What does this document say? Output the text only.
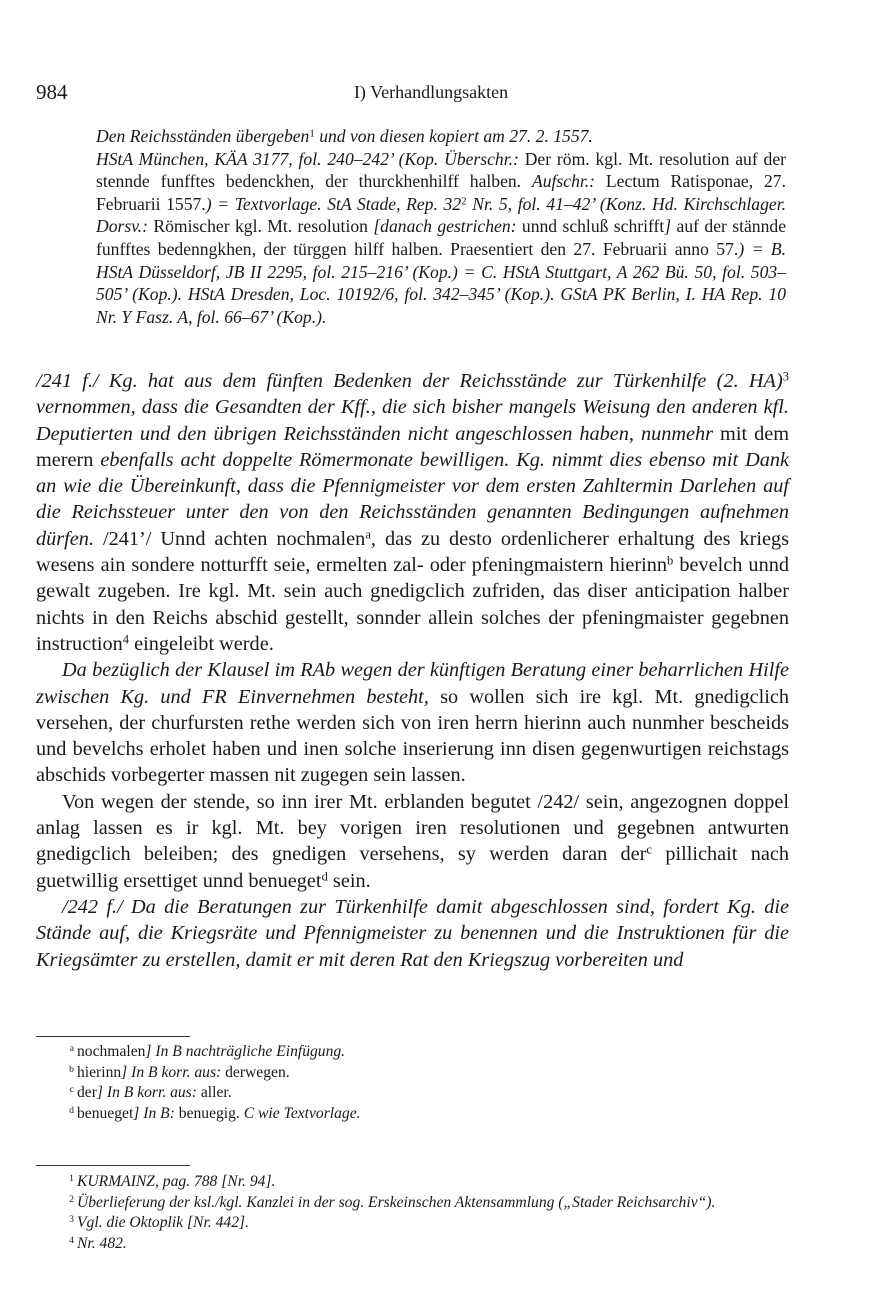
984	I) Verhandlungsakten

Den Reichsständen übergeben$^1$ und von diesen kopiert am 27. 2. 1557.

HStA München, KÄA 3177, fol. 240–242’ (Kop. Überschr.: Der röm. kgl. Mt. resolution auf der stennde funfftes bedenckhen, der thurckhenhilff halben. Aufschr.: Lectum Ratisponae, 27. Februarii 1557.) = Textvorlage. StA Stade, Rep. $32^2$ Nr. 5, fol. 41–42’ (Konz. Hd. Kirchschlager. Dorsv.: Römischer kgl. Mt. resolution [danach gestrichen: unnd schluß schrifft] auf der stännde funfftes bedenngkhen, der türggen hilff halben. Praesentiert den 27. Februarii anno 57.) = B. HStA Düsseldorf, JB II 2295, fol. 215–216’ (Kop.) = C. HStA Stuttgart, A 262 Bü. 50, fol. 503–505’ (Kop.). HStA Dresden, Loc. 10192/6, fol. 342–345’ (Kop.). GStA PK Berlin, I. HA Rep. 10 Nr. Y Fasz. A, fol. 66–67’ (Kop.).

/241 f./ Kg. hat aus dem fünften Bedenken der Reichsstände zur Türkenhilfe (2. HA)$^3$ vernommen, dass die Gesandten der Kff., die sich bisher mangels Weisung den anderen kfl. Deputierten und den übrigen Reichsständen nicht angeschlossen haben, nunmehr mit dem merern ebenfalls acht doppelte Römermonate bewilligen. Kg. nimmt dies ebenso mit Dank an wie die Übereinkunft, dass die Pfennigmeister vor dem ersten Zahltermin Darlehen auf die Reichssteuer unter den von den Reichsständen genannten Bedingungen aufnehmen dürfen. /241’/ Unnd achten nochmalen$^a$, das zu desto ordenlicherer erhaltung des kriegs wesens ain sondere notturfft seie, ermelten zal- oder pfeningmaistern hierinn$^b$ bevelch unnd gewalt zugeben. Ire kgl. Mt. sein auch gnedigclich zufriden, das diser anticipation halber nichts in den Reichs abschid gestellt, sonnder allein solches der pfeningmaister gegebnen instruction$^4$ eingeleibt werde.

Da bezüglich der Klausel im RAb wegen der künftigen Beratung einer beharrlichen Hilfe zwischen Kg. und FR Einvernehmen besteht, so wollen sich ire kgl. Mt. gnedigclich versehen, der churfursten rethe werden sich von iren herrn hierinn auch nunmher bescheids und bevelchs erholet haben und inen solche inserierung inn disen gegenwurtigen reichstags abschids vorbegerter massen nit zugegen sein lassen.

Von wegen der stende, so inn irer Mt. erblanden begutet /242/ sein, angezognen doppel anlag lassen es ir kgl. Mt. bey vorigen iren resolutionen und gegebnen antwurten gnedigclich beleiben; des gnedigen versehens, sy werden daran der$^c$ pillichait nach guetwillig ersettiget unnd benueget$^d$ sein.

/242 f./ Da die Beratungen zur Türkenhilfe damit abgeschlossen sind, fordert Kg. die Stände auf, die Kriegsräte und Pfennigmeister zu benennen und die Instruktionen für die Kriegsämter zu erstellen, damit er mit deren Rat den Kriegszug vorbereiten und

$^a$ nochmalen] In B nachträgliche Einfügung.

$^b$ hierinn] In B korr. aus: derwegen.

$^c$ der] In B korr. aus: aller.

$^d$ benueget] In B: benuegig. C wie Textvorlage.

$^1$ KURMAINZ, pag. 788 [Nr. 94].

$^2$ Überlieferung der ksl./kgl. Kanzlei in der sog. Erskeinschen Aktensammlung („Stader Reichsarchiv“).

$^3$ Vgl. die Oktoplik [Nr. 442].

$^4$ Nr. 482.
